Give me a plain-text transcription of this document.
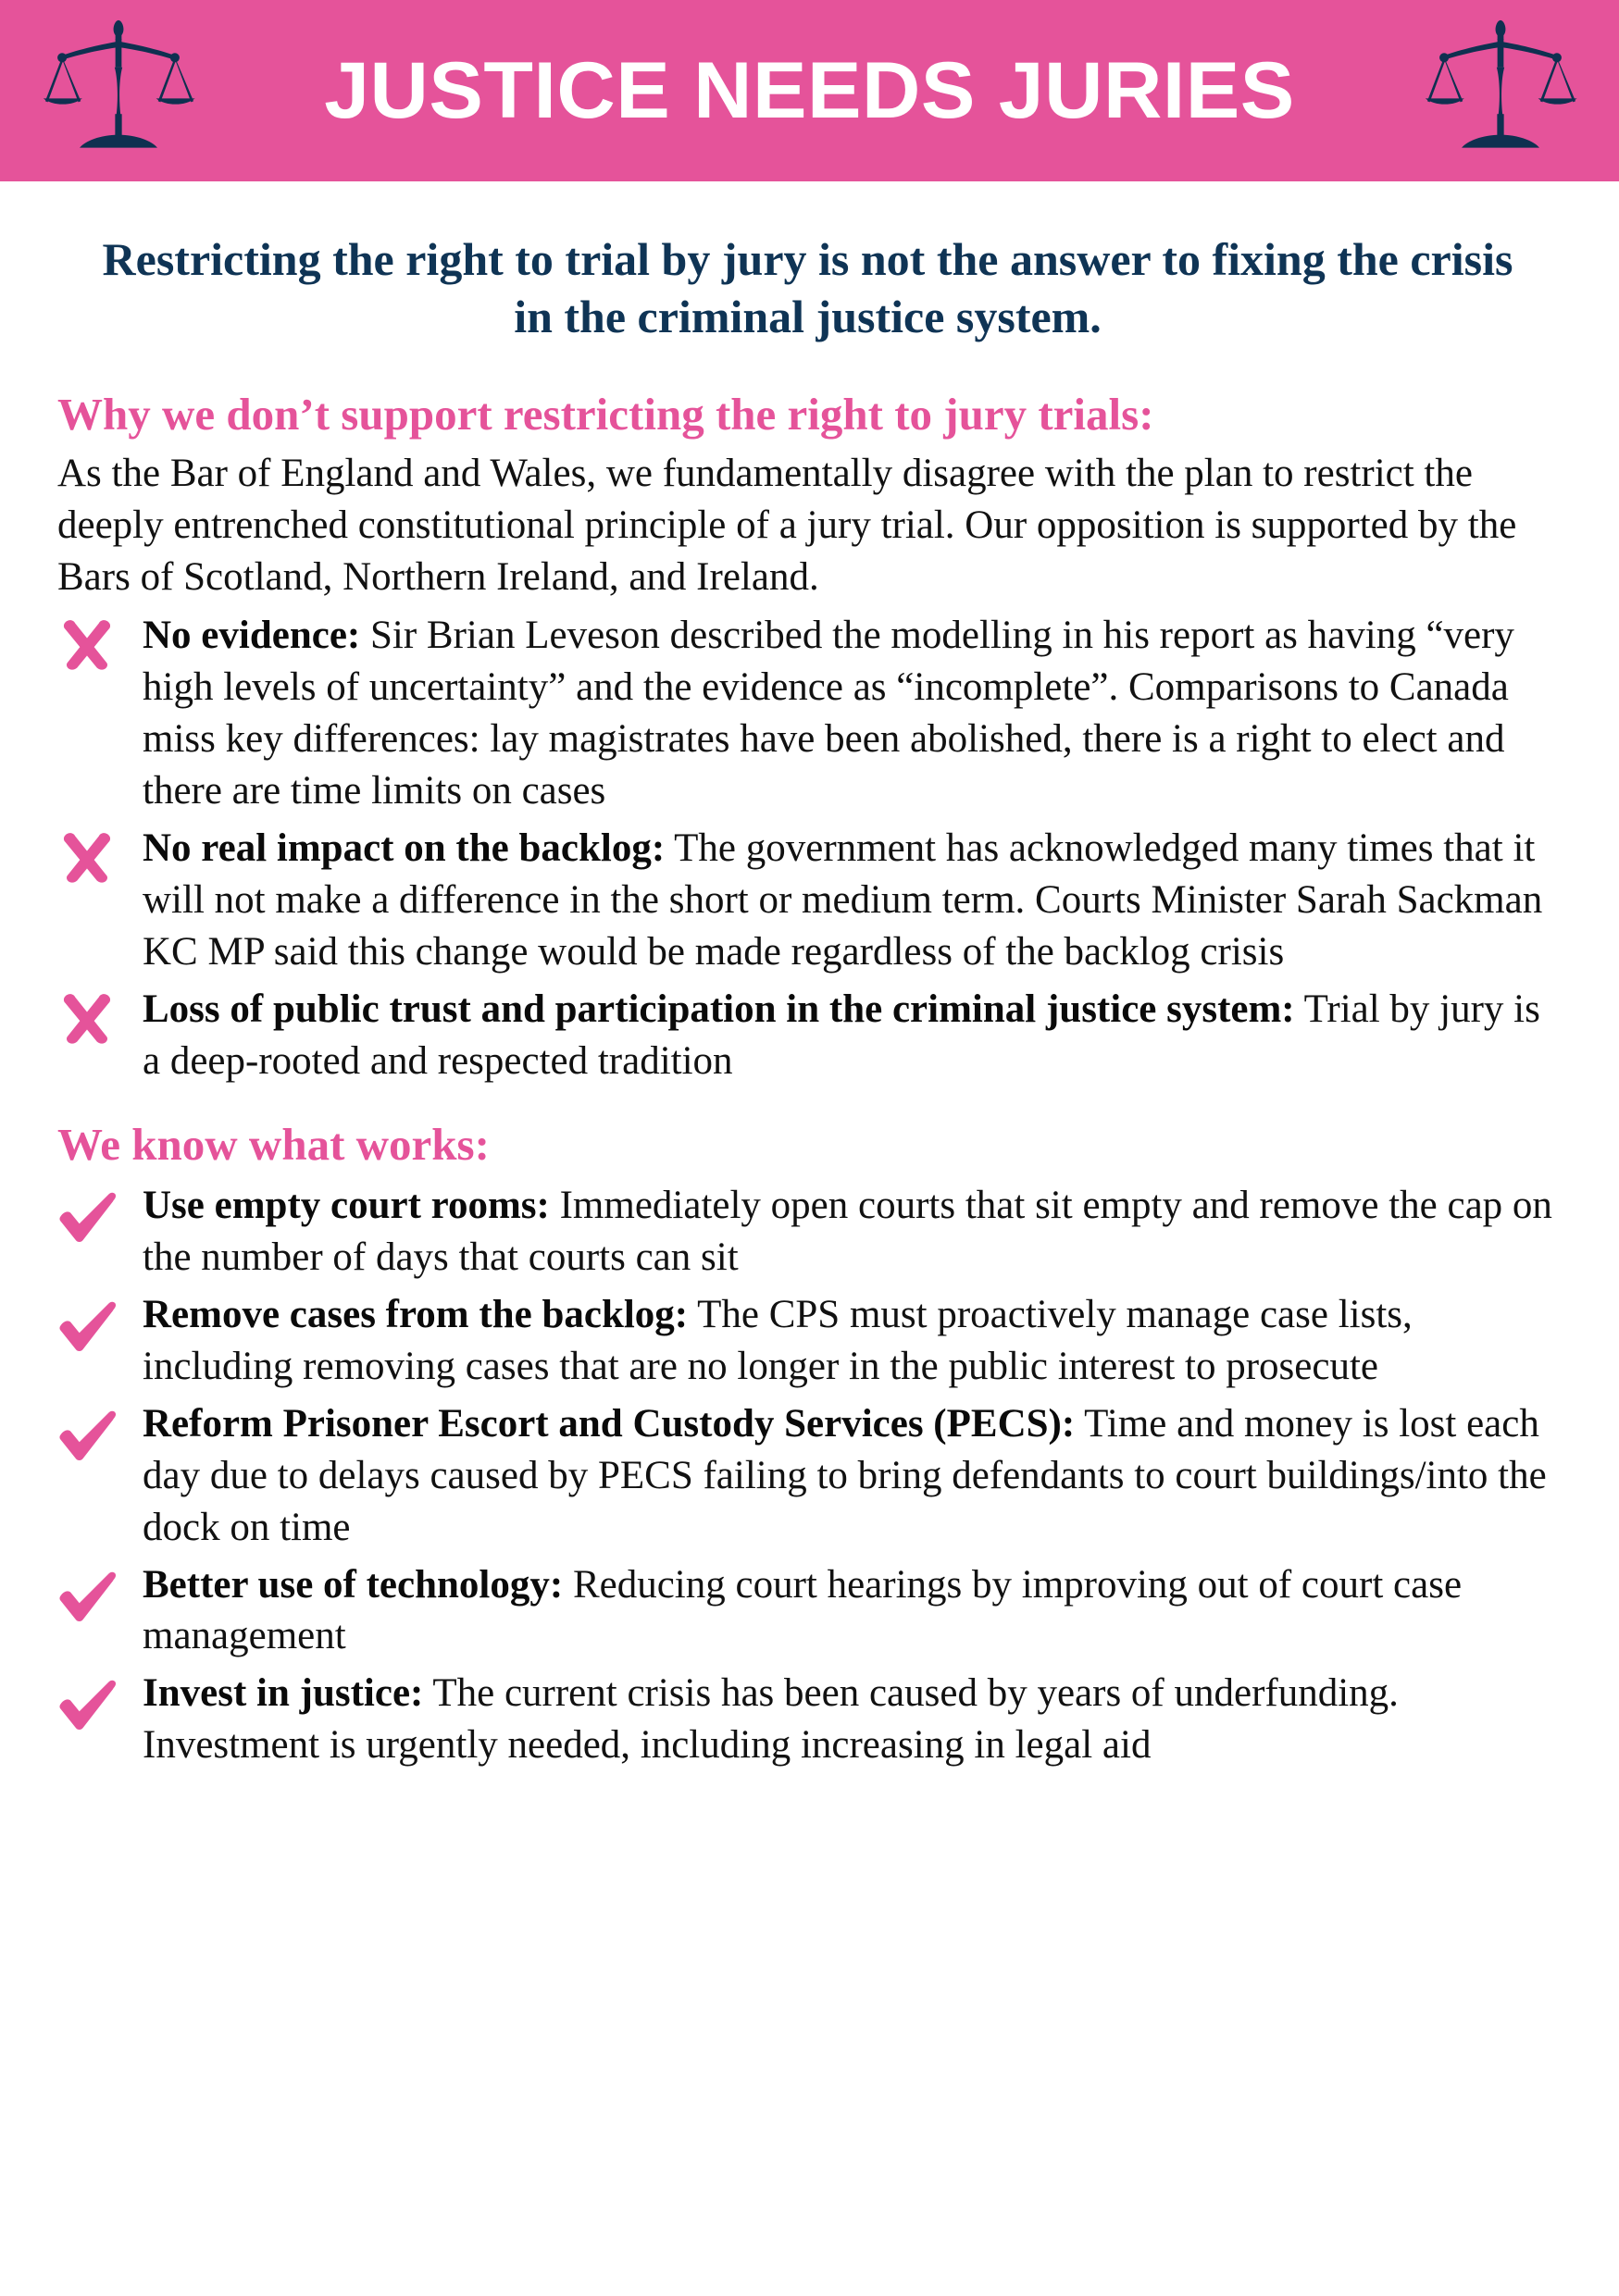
JUSTICE NEEDS JURIES
Restricting the right to trial by jury is not the answer to fixing the crisis in the criminal justice system.
Why we don’t support restricting the right to jury trials:

As the Bar of England and Wales, we fundamentally disagree with the plan to restrict the deeply entrenched constitutional principle of a jury trial. Our opposition is supported by the Bars of Scotland, Northern Ireland, and Ireland.

No evidence: Sir Brian Leveson described the modelling in his report as having “very high levels of uncertainty” and the evidence as “incomplete”. Comparisons to Canada miss key differences: lay magistrates have been abolished, there is a right to elect and there are time limits on cases
No real impact on the backlog: The government has acknowledged many times that it will not make a difference in the short or medium term. Courts Minister Sarah Sackman KC MP said this change would be made regardless of the backlog crisis
Loss of public trust and participation in the criminal justice system: Trial by jury is a deep-rooted and respected tradition
We know what works:
Use empty court rooms: Immediately open courts that sit empty and remove the cap on the number of days that courts can sit
Remove cases from the backlog: The CPS must proactively manage case lists, including removing cases that are no longer in the public interest to prosecute
Reform Prisoner Escort and Custody Services (PECS): Time and money is lost each day due to delays caused by PECS failing to bring defendants to court buildings/into the dock on time
Better use of technology: Reducing court hearings by improving out of court case management
Invest in justice: The current crisis has been caused by years of underfunding. Investment is urgently needed, including increasing in legal aid
